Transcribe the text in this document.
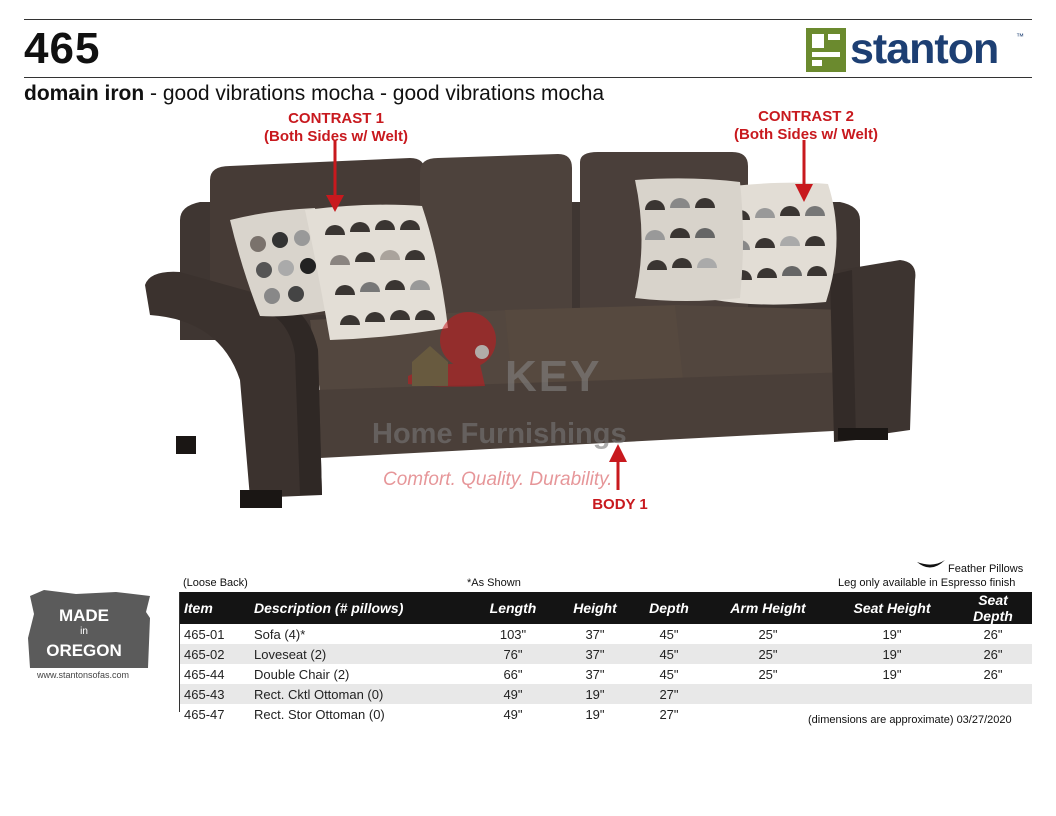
465	stanton ™
domain iron - good vibrations mocha - good vibrations mocha
CONTRAST 1
(Both Sides w/ Welt)
CONTRAST 2
(Both Sides w/ Welt)
KEY
Home Furnishings
Comfort. Quality. Durability.
BODY 1
MADE
in
OREGON
www.stantonsofas.com
(Loose Back)	*As Shown
Feather Pillows
Leg only available in Espresso finish
Item	Description (# pillows)	Length	Height	Depth	Arm Height	Seat Height	Seat Depth
465-01	Sofa (4)*	103"	37"	45"	25"	19"	26"
465-02	Loveseat (2)	76"	37"	45"	25"	19"	26"
465-44	Double Chair (2)	66"	37"	45"	25"	19"	26"
465-43	Rect. Cktl Ottoman (0)	49"	19"	27"			
465-47	Rect. Stor Ottoman (0)	49"	19"	27"				(dimensions are approximate) 03/27/2020
